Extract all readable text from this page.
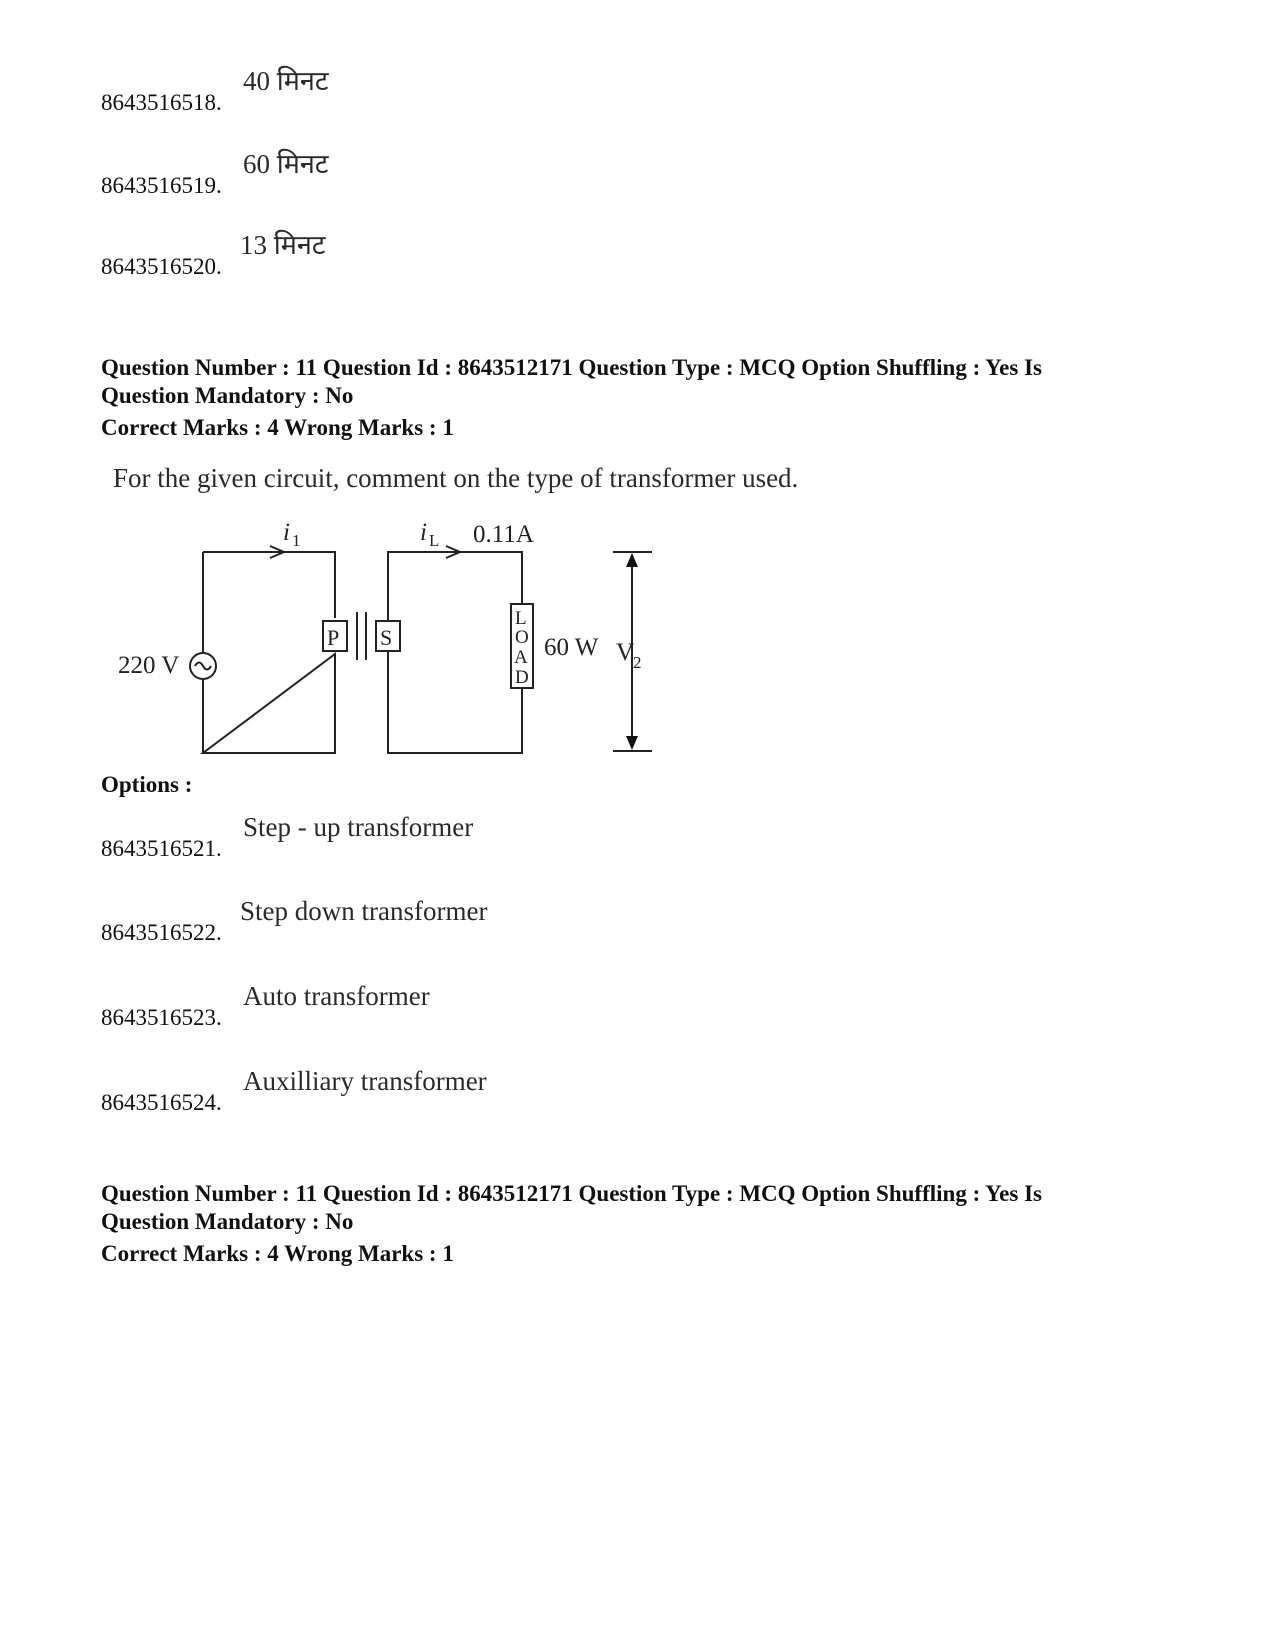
8643516518.
40 मिनट
8643516519.
60 मिनट
8643516520.
13 मिनट
Question Number : 11 Question Id : 8643512171 Question Type : MCQ Option Shuffling : Yes Is
Question Mandatory : No
Correct Marks : 4 Wrong Marks : 1
For the given circuit, comment on the type of transformer used.
i 1	i L 0.11A
220 V
P S
L
O
A
D
60 W V
2
Options :
8643516521.
Step - up transformer
8643516522.
Step down transformer
8643516523.
Auto transformer
8643516524.
Auxilliary transformer
Question Number : 11 Question Id : 8643512171 Question Type : MCQ Option Shuffling : Yes Is
Question Mandatory : No
Correct Marks : 4 Wrong Marks : 1
